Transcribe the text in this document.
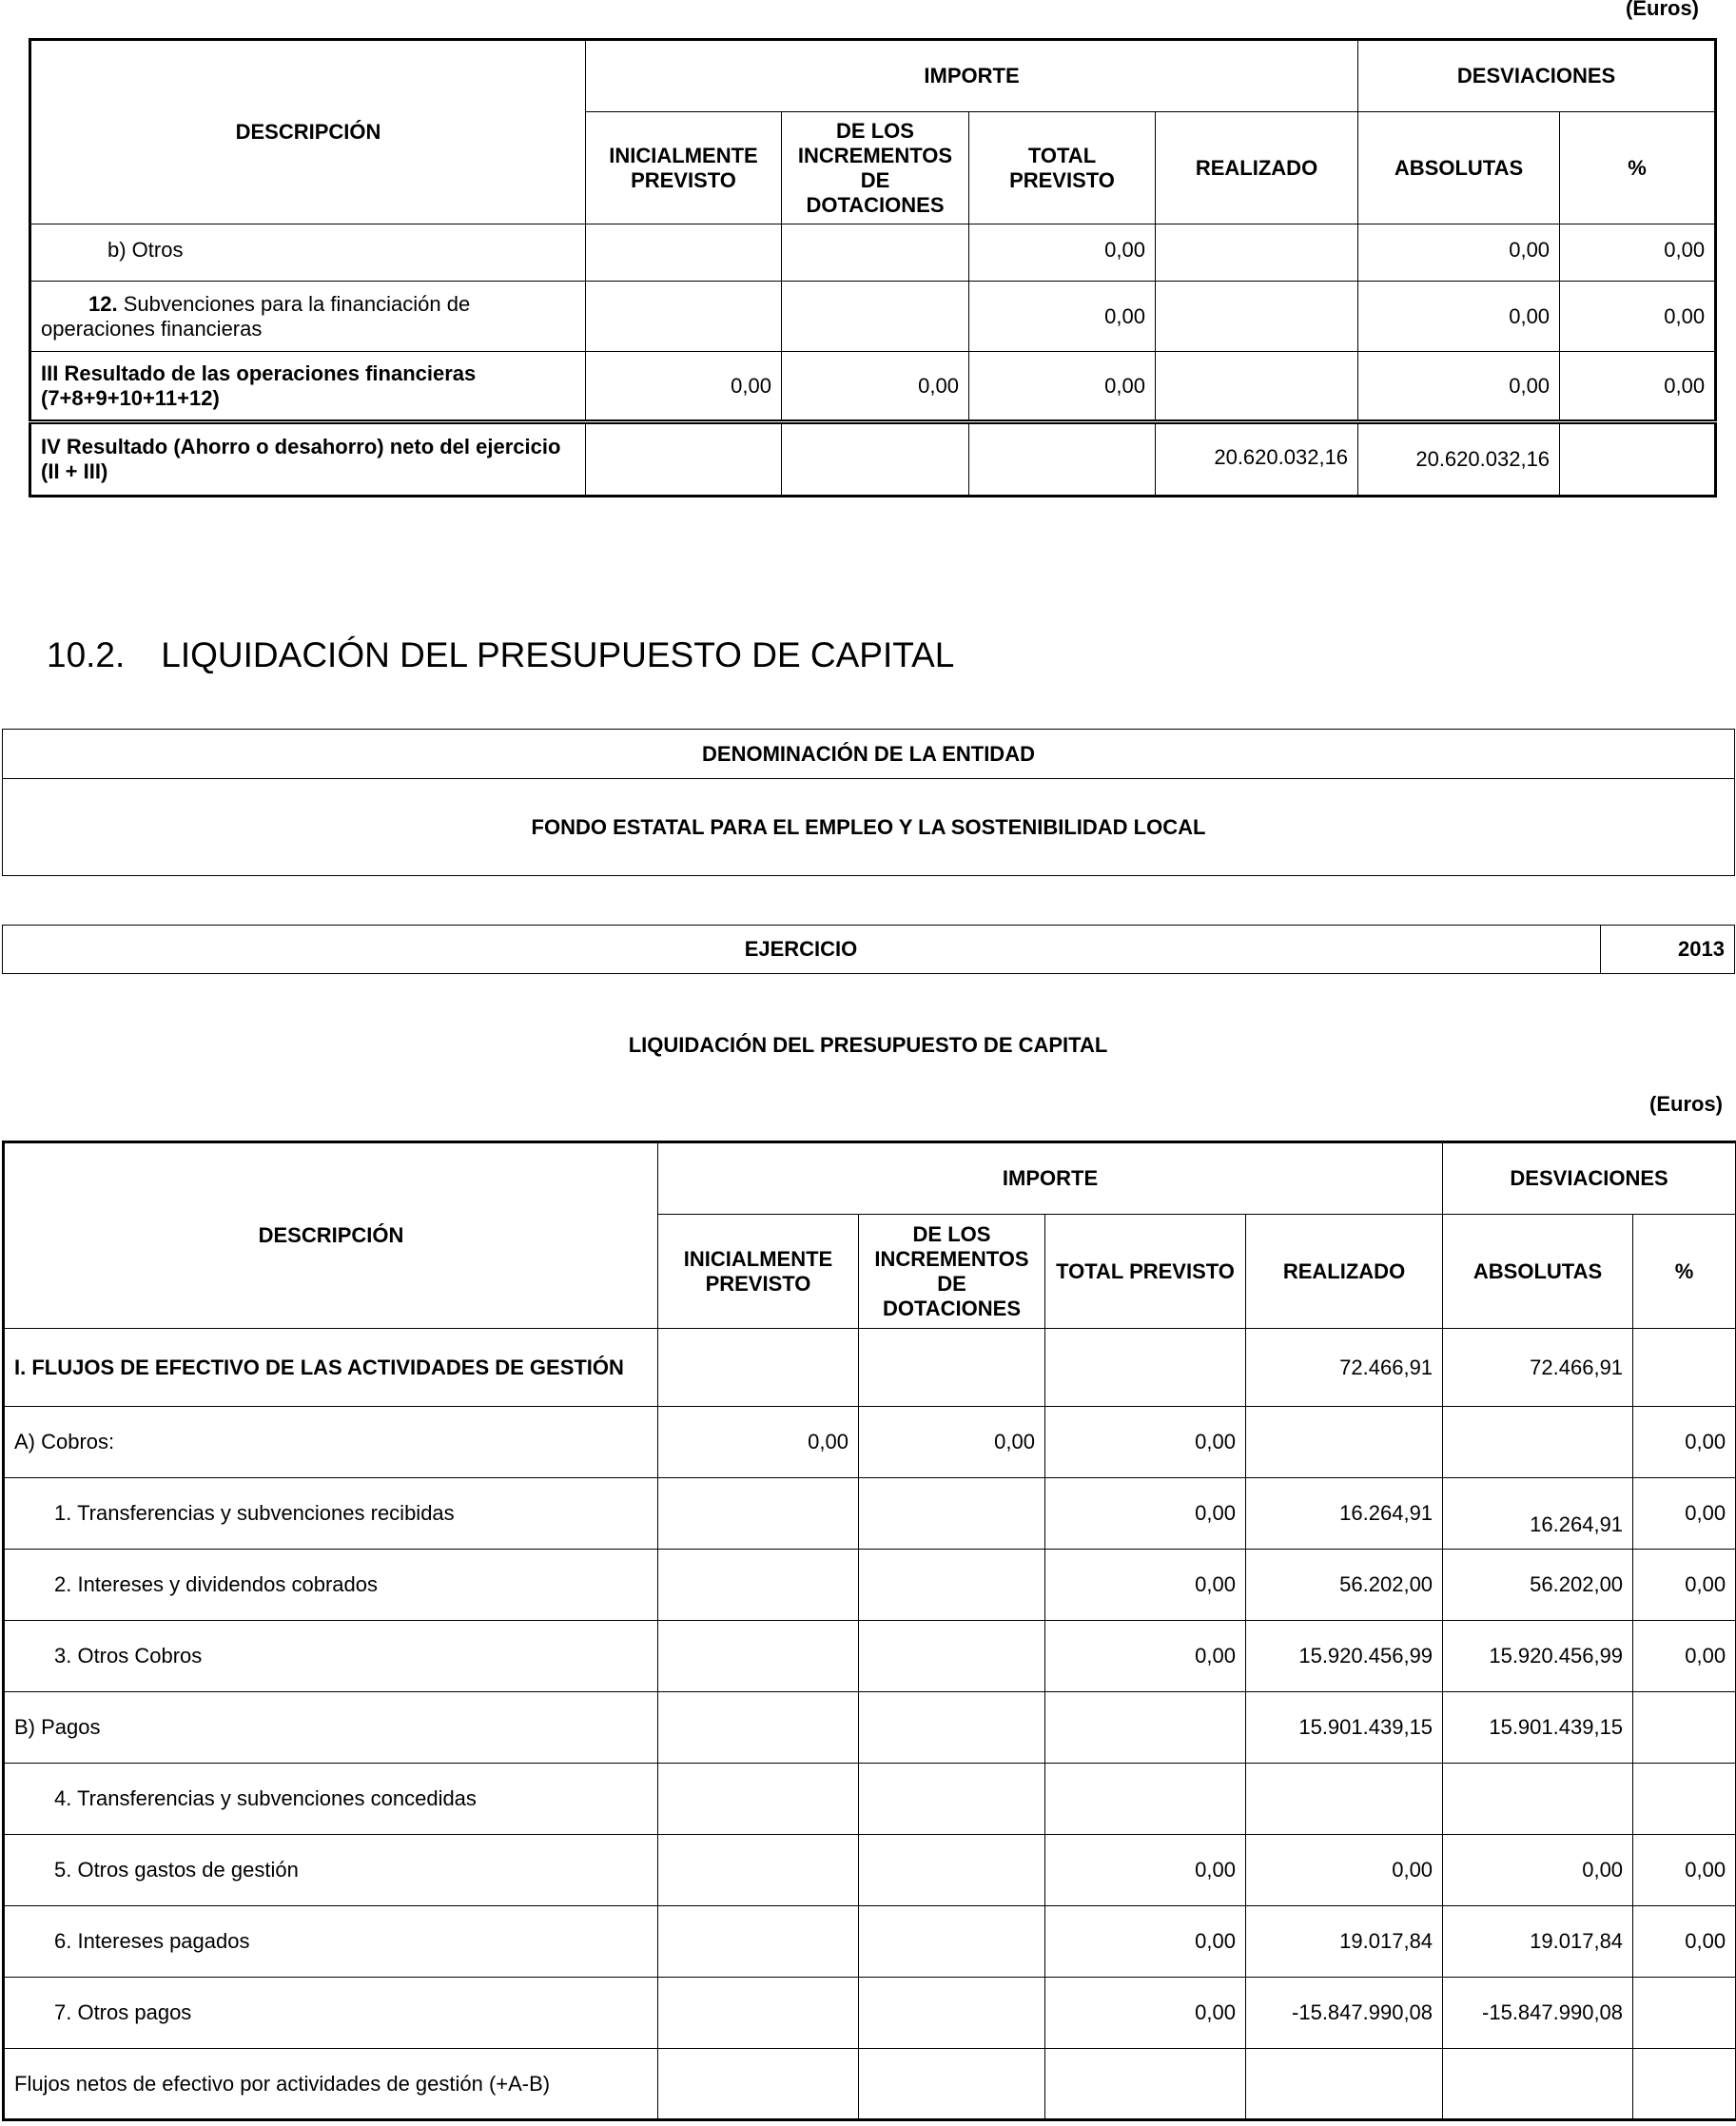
(Euros)
DESCRIPCIÓN	IMPORTE				DESVIACIONES	
	INICIALMENTE PREVISTO	DE LOS INCREMENTOS DE DOTACIONES	TOTAL PREVISTO	REALIZADO	ABSOLUTAS	%
b) Otros			0,00		0,00	0,00
12. Subvenciones para la financiación de operaciones financieras			0,00		0,00	0,00
III Resultado de las operaciones financieras (7+8+9+10+11+12)	0,00	0,00	0,00		0,00	0,00
IV Resultado (Ahorro o desahorro) neto del ejercicio (II + III)				20.620.032,16	20.620.032,16	
10.2. LIQUIDACIÓN DEL PRESUPUESTO DE CAPITAL
DENOMINACIÓN DE LA ENTIDAD
FONDO ESTATAL PARA EL EMPLEO Y LA SOSTENIBILIDAD LOCAL
EJERCICIO	2013
LIQUIDACIÓN DEL PRESUPUESTO DE CAPITAL
(Euros)
DESCRIPCIÓN	IMPORTE				DESVIACIONES	
	INICIALMENTE PREVISTO	DE LOS INCREMENTOS DE DOTACIONES	TOTAL PREVISTO	REALIZADO	ABSOLUTAS	%
I. FLUJOS DE EFECTIVO DE LAS ACTIVIDADES DE GESTIÓN				72.466,91	72.466,91	
A) Cobros:	0,00	0,00	0,00			0,00
1. Transferencias y subvenciones recibidas			0,00	16.264,91	16.264,91	0,00
2. Intereses y dividendos cobrados			0,00	56.202,00	56.202,00	0,00
3. Otros Cobros			0,00	15.920.456,99	15.920.456,99	0,00
B) Pagos				15.901.439,15	15.901.439,15	
4. Transferencias y subvenciones concedidas						
5. Otros gastos de gestión			0,00	0,00	0,00	0,00
6. Intereses pagados			0,00	19.017,84	19.017,84	0,00
7. Otros pagos			0,00	-15.847.990,08	-15.847.990,08	
Flujos netos de efectivo por actividades de gestión (+A-B)						
